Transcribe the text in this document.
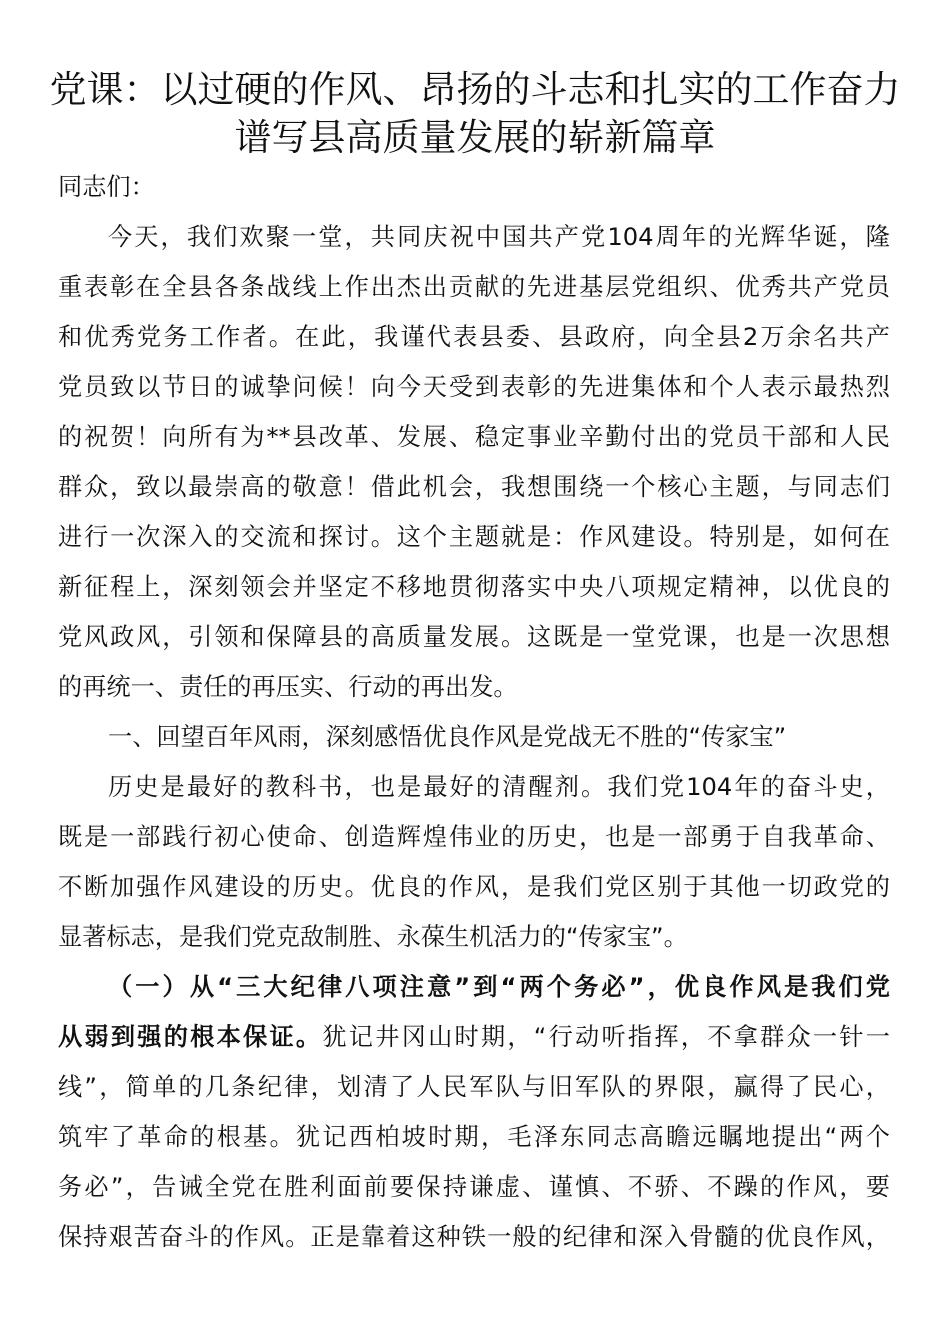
党课：以过硬的作风、昂扬的斗志和扎实的工作奋力
谱写县高质量发展的崭新篇章
同志们：
今天，我们欢聚一堂，共同庆祝中国共产党104周年的光辉华诞，隆
重表彰在全县各条战线上作出杰出贡献的先进基层党组织、优秀共产党员
和优秀党务工作者。在此，我谨代表县委、县政府，向全县2万余名共产
党员致以节日的诚挚问候！向今天受到表彰的先进集体和个人表示最热烈
的祝贺！向所有为**县改革、发展、稳定事业辛勤付出的党员干部和人民
群众，致以最崇高的敬意！借此机会，我想围绕一个核心主题，与同志们
进行一次深入的交流和探讨。这个主题就是：作风建设。特别是，如何在
新征程上，深刻领会并坚定不移地贯彻落实中央八项规定精神，以优良的
党风政风，引领和保障县的高质量发展。这既是一堂党课，也是一次思想
的再统一、责任的再压实、行动的再出发。
一、回望百年风雨，深刻感悟优良作风是党战无不胜的“传家宝”
历史是最好的教科书，也是最好的清醒剂。我们党104年的奋斗史，
既是一部践行初心使命、创造辉煌伟业的历史，也是一部勇于自我革命、
不断加强作风建设的历史。优良的作风，是我们党区别于其他一切政党的
显著标志，是我们党克敌制胜、永葆生机活力的“传家宝”。
（一）从“三大纪律八项注意”到“两个务必”，优良作风是我们党
从弱到强的根本保证。犹记井冈山时期，“行动听指挥，不拿群众一针一
线”，简单的几条纪律，划清了人民军队与旧军队的界限，赢得了民心，
筑牢了革命的根基。犹记西柏坡时期，毛泽东同志高瞻远瞩地提出“两个
务必”，告诫全党在胜利面前要保持谦虚、谨慎、不骄、不躁的作风，要
保持艰苦奋斗的作风。正是靠着这种铁一般的纪律和深入骨髓的优良作风，
